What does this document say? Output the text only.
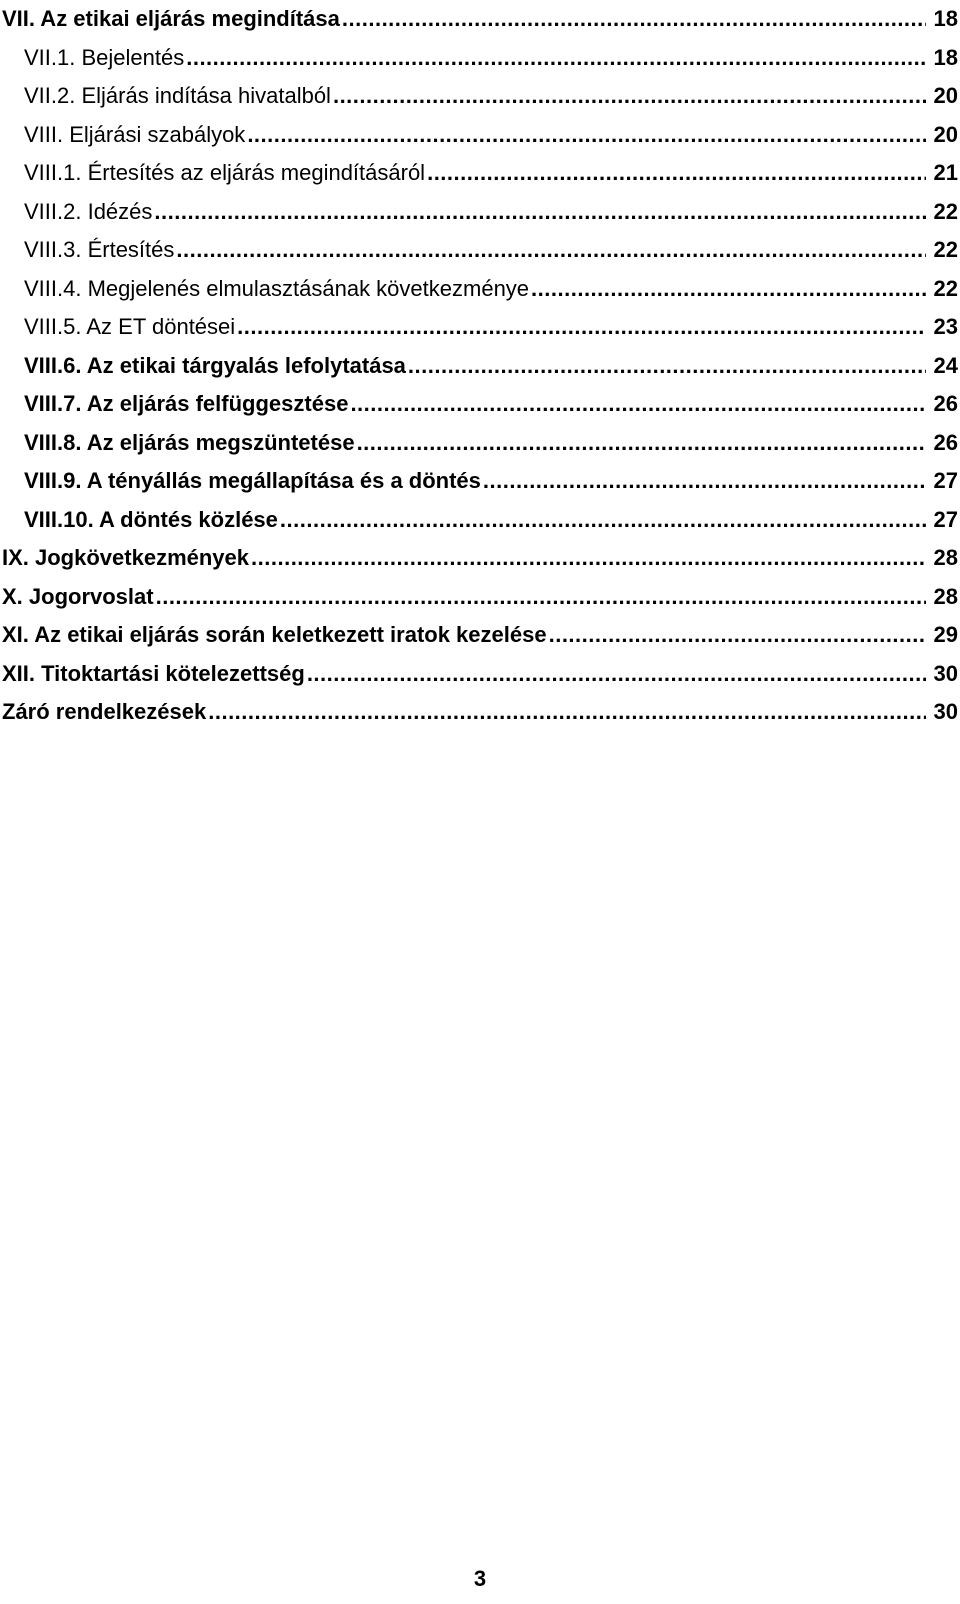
VII. Az etikai eljárás megindítása .....	18
VII.1. Bejelentés .....	18
VII.2. Eljárás indítása hivatalból .....	20
VIII. Eljárási szabályok .....	20
VIII.1. Értesítés az eljárás megindításáról .....	21
VIII.2. Idézés .....	22
VIII.3. Értesítés .....	22
VIII.4. Megjelenés elmulasztásának következménye .....	22
VIII.5. Az ET döntései .....	23
VIII.6. Az etikai tárgyalás lefolytatása .....	24
VIII.7. Az eljárás felfüggesztése .....	26
VIII.8. Az eljárás megszüntetése .....	26
VIII.9. A tényállás megállapítása és a döntés .....	27
VIII.10. A döntés közlése .....	27
IX. Jogkövetkezmények .....	28
X. Jogorvoslat .....	28
XI. Az etikai eljárás során keletkezett iratok kezelése .....	29
XII. Titoktartási kötelezettség .....	30
Záró rendelkezések .....	30
3
